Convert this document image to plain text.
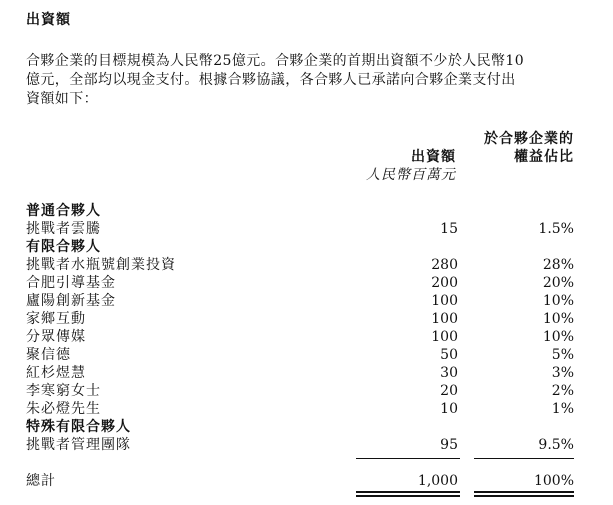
出資額
合夥企業的目標規模為人民幣25億元。合夥企業的首期出資額不少於人民幣10
億元，全部均以現金支付。根據合夥協議，各合夥人已承諾向合夥企業支付出
資額如下：
出資額
人民幣百萬元
於合夥企業的
權益佔比
普通合夥人
挑戰者雲騰	15	1.5%
有限合夥人
挑戰者水瓶號創業投資	280	28%
合肥引導基金	200	20%
廬陽創新基金	100	10%
家鄉互動	100	10%
分眾傳媒	100	10%
聚信德	50	5%
紅杉煜慧	30	3%
李寒窮女士	20	2%
朱必燈先生	10	1%
特殊有限合夥人
挑戰者管理團隊	95	9.5%
總計	1,000	100%
